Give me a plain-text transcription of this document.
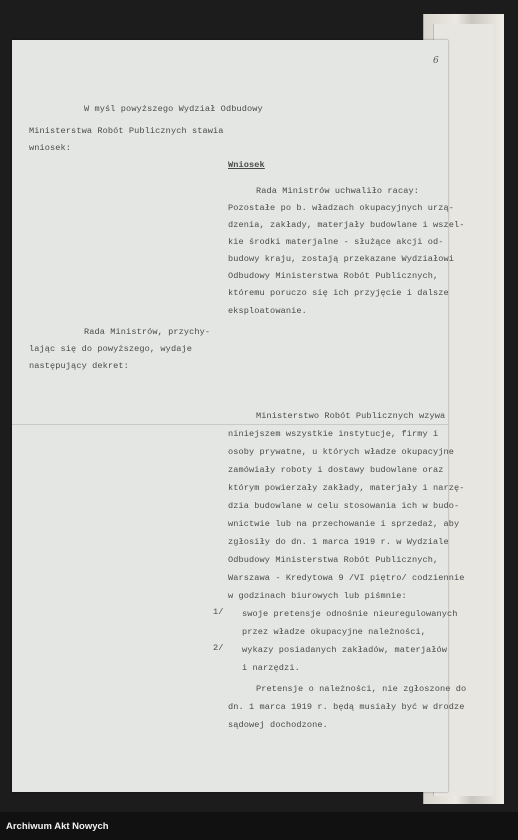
6
W myśl powyższego Wydział Odbudowy
Ministerstwa Robót Publicznych stawia
wniosek:
Wniosek
Rada Ministrów uchwaliło racay:
Pozostałe po b. władzach okupacyjnych urzą-
dzenia, zakłady, materjały budowlane i wszel-
kie środki materjalne - służące akcji od-
budowy kraju, zostają przekazane Wydziałowi
Odbudowy Ministerstwa Robót Publicznych,
któremu poruczo się ich przyjęcie i dalsze
eksploatowanie.
Rada Ministrów, przychy-
lając się do powyższego, wydaje
następujący dekret:
Ministerstwo Robót Publicznych wzywa
niniejszem wszystkie instytucje, firmy i
osoby prywatne, u których władze okupacyjne
zamówiały roboty i dostawy budowlane oraz
którym powierzały zakłady, materjały i narzę-
dzia budowlane w celu stosowania ich w budo-
wnictwie lub na przechowanie i sprzedaż, aby
zgłosiły do dn. 1 marca 1919 r. w Wydziale
Odbudowy Ministerstwa Robót Publicznych,
Warszawa - Kredytowa 9 /VI piętro/ codziennie
w godzinach biurowych lub piśmnie:
1/ swoje pretensje odnośnie nieuregulowanych
przez władze okupacyjne należności,
2/ wykazy posiadanych zakładów, materjałów
i narzędzi.
Pretensje o należności, nie zgłoszone do
dn. 1 marca 1919 r. będą musiały być w drodze
sądowej dochodzone.
Archiwum Akt Nowych
